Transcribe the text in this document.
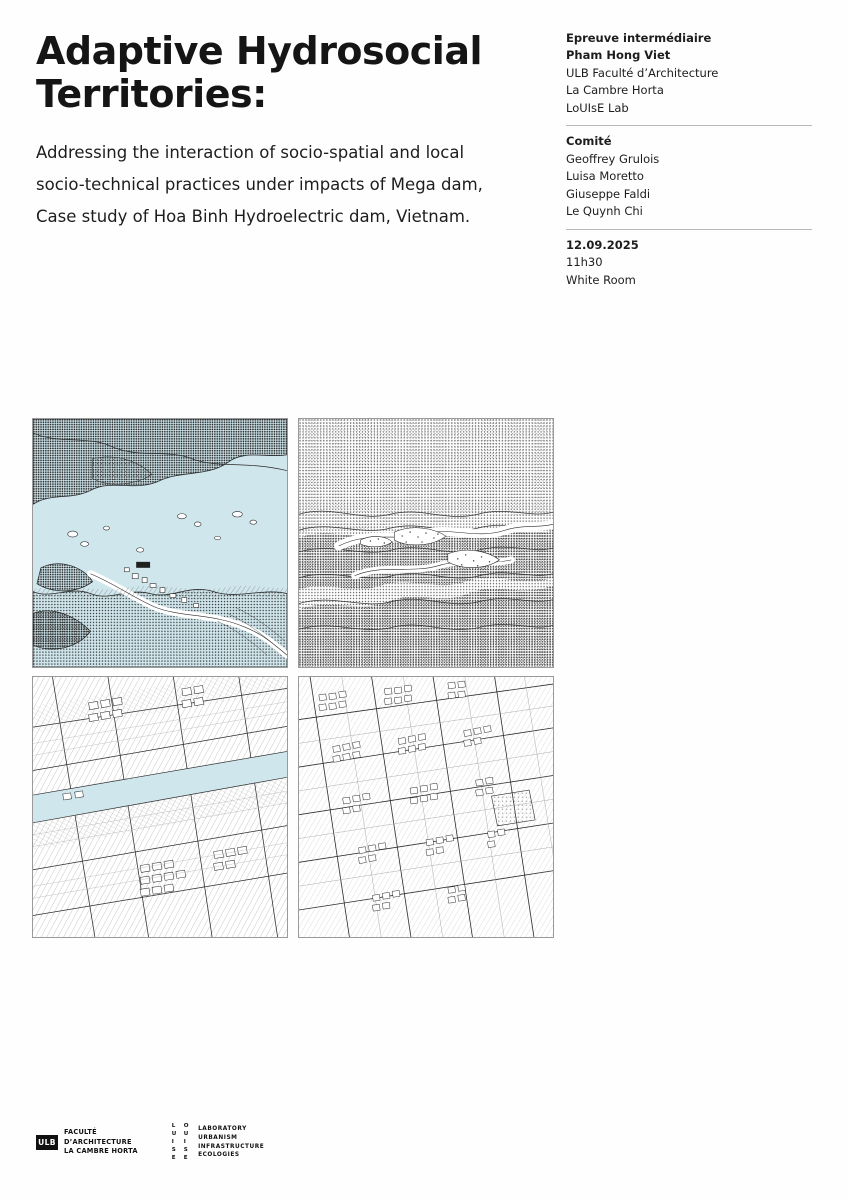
Adaptive Hydrosocial
Territories:
Addressing the interaction of socio-spatial and local
socio-technical practices under impacts of Mega dam,
Case study of Hoa Binh Hydroelectric dam, Vietnam.
Epreuve intermédiaire
Pham Hong Viet
ULB Faculté d’Architecture
La Cambre Horta
LoUIsE Lab
Comité
Geoffrey Grulois
Luisa Moretto
Giuseppe Faldi
Le Quynh Chi
12.09.2025
11h30
White Room
ULB
FACULTÉ
D’ARCHITECTURE
LA CAMBRE HORTA
L O
U U
I	I
S S
E E
LABORATORY
URBANISM
INFRASTRUCTURE
ECOLOGIES
